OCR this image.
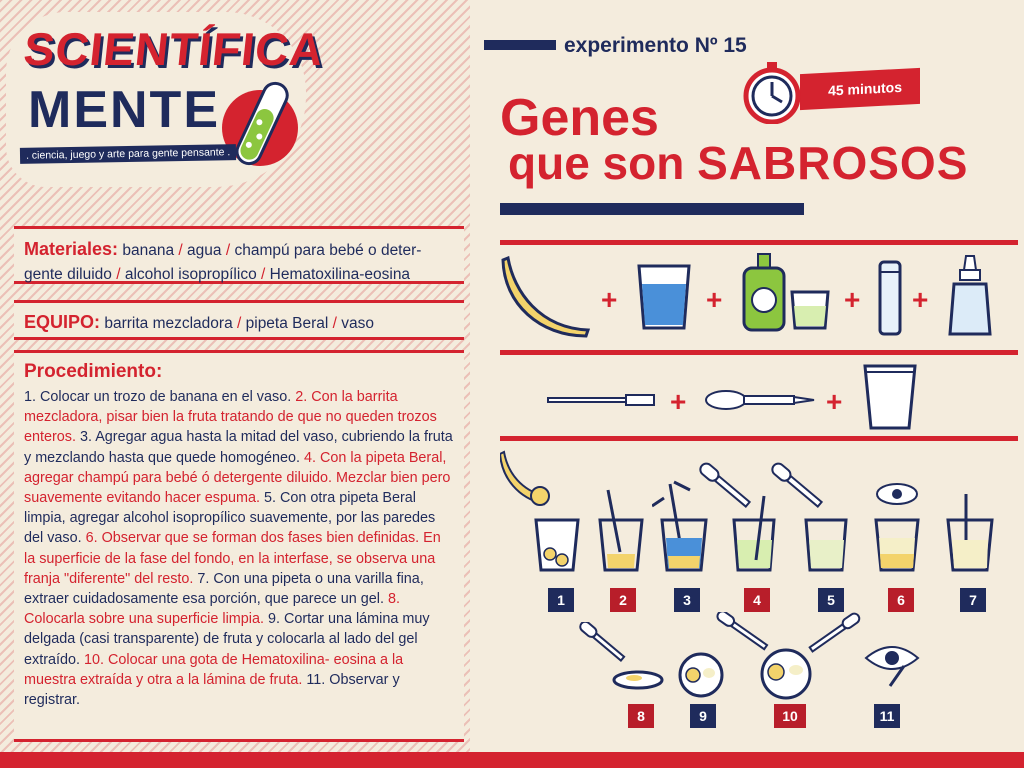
SCIENTÍFICA
MENTE
. ciencia, juego y arte para gente pensante .
Materiales: banana / agua / champú para bebé o deter-gente diluido / alcohol isopropílico / Hematoxilina-eosina
EQUIPO: barrita mezcladora / pipeta Beral / vaso
Procedimiento:
1. Colocar un trozo de banana en el vaso. 2. Con la barrita mezcladora, pisar bien la fruta tratando de que no queden trozos enteros. 3. Agregar agua hasta la mitad del vaso, cubriendo la fruta y mezclando hasta que quede homogéneo. 4. Con la pipeta Beral, agregar champú para bebé ó detergente diluido. Mezclar bien pero suavemente evitando hacer espuma. 5. Con otra pipeta Beral limpia, agregar alcohol isopropílico suavemente, por las paredes del vaso. 6. Observar que se forman dos fases bien definidas. En la superficie de la fase del fondo, en la interfase, se observa una franja "diferente" del resto. 7. Con una pipeta o una varilla fina, extraer cuidadosamente esa porción, que parece un gel. 8. Colocarla sobre una superficie limpia. 9. Cortar una lámina muy delgada (casi transparente) de fruta y colocarla al lado del gel extraído. 10. Colocar una gota de Hematoxilina- eosina a la muestra extraída y otra a la lámina de fruta. 11. Observar y registrar.
experimento Nº 15
45 minutos
Genes
que son SABROSOS
+	+	+ +
+	+
1	2	3	4	5	6	7
8	9	10	11
